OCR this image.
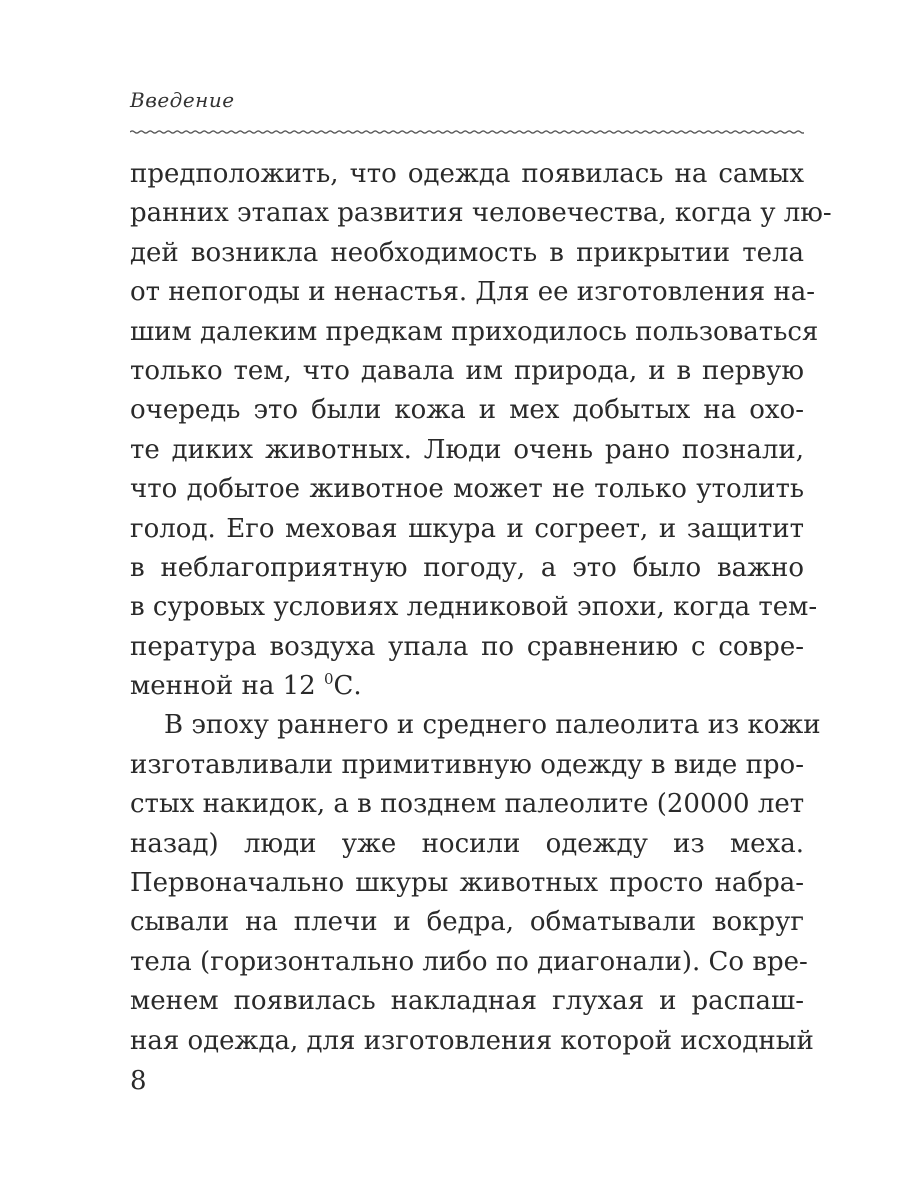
Введение
предположить, что одежда появилась на самых
ранних этапах развития человечества, когда у лю-
дей возникла необходимость в прикрытии тела
от непогоды и ненастья. Для ее изготовления на-
шим далеким предкам приходилось пользоваться
только тем, что давала им природа, и в первую
очередь это были кожа и мех добытых на охо-
те диких животных. Люди очень рано познали,
что добытое животное может не только утолить
голод. Его меховая шкура и согреет, и защитит
в неблагоприятную погоду, а это было важно
в суровых условиях ледниковой эпохи, когда тем-
пература воздуха упала по сравнению с совре-
менной на 12 $^0$С.
В эпоху раннего и среднего палеолита из кожи
изготавливали примитивную одежду в виде про-
стых накидок, а в позднем палеолите (20000 лет
назад) люди уже носили одежду из меха.
Первоначально шкуры животных просто набра-
сывали на плечи и бедра, обматывали вокруг
тела (горизонтально либо по диагонали). Со вре-
менем появилась накладная глухая и распаш-
ная одежда, для изготовления которой исходный
8
